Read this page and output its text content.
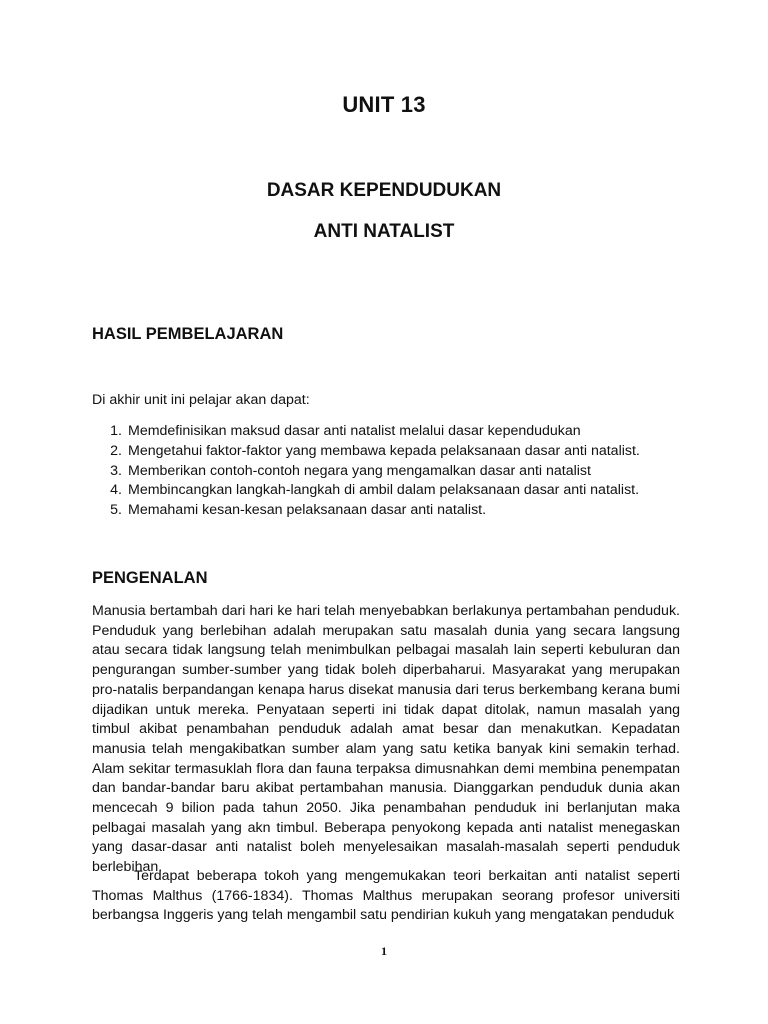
UNIT 13
DASAR KEPENDUDUKAN
ANTI NATALIST
HASIL PEMBELAJARAN
Di akhir unit ini pelajar akan dapat:
1 . Memdefinisikan maksud dasar anti natalist melalui dasar kependudukan
2 . Mengetahui faktor-faktor yang membawa kepada pelaksanaan dasar anti natalist.
3 . Memberikan contoh-contoh negara yang mengamalkan dasar anti natalist
4 . Membincangkan langkah-langkah di ambil dalam pelaksanaan dasar anti natalist.
5 . Memahami kesan-kesan pelaksanaan dasar anti natalist.
PENGENALAN

Manusia bertambah dari hari ke hari telah menyebabkan berlakunya pertambahan penduduk. Penduduk yang berlebihan adalah merupakan satu masalah dunia yang secara langsung atau secara tidak langsung telah menimbulkan pelbagai masalah lain seperti kebuluran dan pengurangan sumber-sumber yang tidak boleh diperbaharui. Masyarakat yang merupakan pro-natalis berpandangan kenapa harus disekat manusia dari terus berkembang kerana bumi dijadikan untuk mereka. Penyataan seperti ini tidak dapat ditolak, namun masalah yang timbul akibat penambahan penduduk adalah amat besar dan menakutkan. Kepadatan manusia telah mengakibatkan sumber alam yang satu ketika banyak kini semakin terhad. Alam sekitar termasuklah flora dan fauna terpaksa dimusnahkan demi membina penempatan dan bandar-bandar baru akibat pertambahan manusia. Dianggarkan penduduk dunia akan mencecah 9 bilion pada tahun 2050. Jika penambahan penduduk ini berlanjutan maka pelbagai masalah yang akn timbul. Beberapa penyokong kepada anti natalist menegaskan yang dasar-dasar anti natalist boleh menyelesaikan masalah-masalah seperti penduduk berlebihan.

Terdapat beberapa tokoh yang mengemukakan teori berkaitan anti natalist seperti Thomas Malthus (1766-1834). Thomas Malthus merupakan seorang profesor universiti berbangsa Inggeris yang telah mengambil satu pendirian kukuh yang mengatakan penduduk

1
